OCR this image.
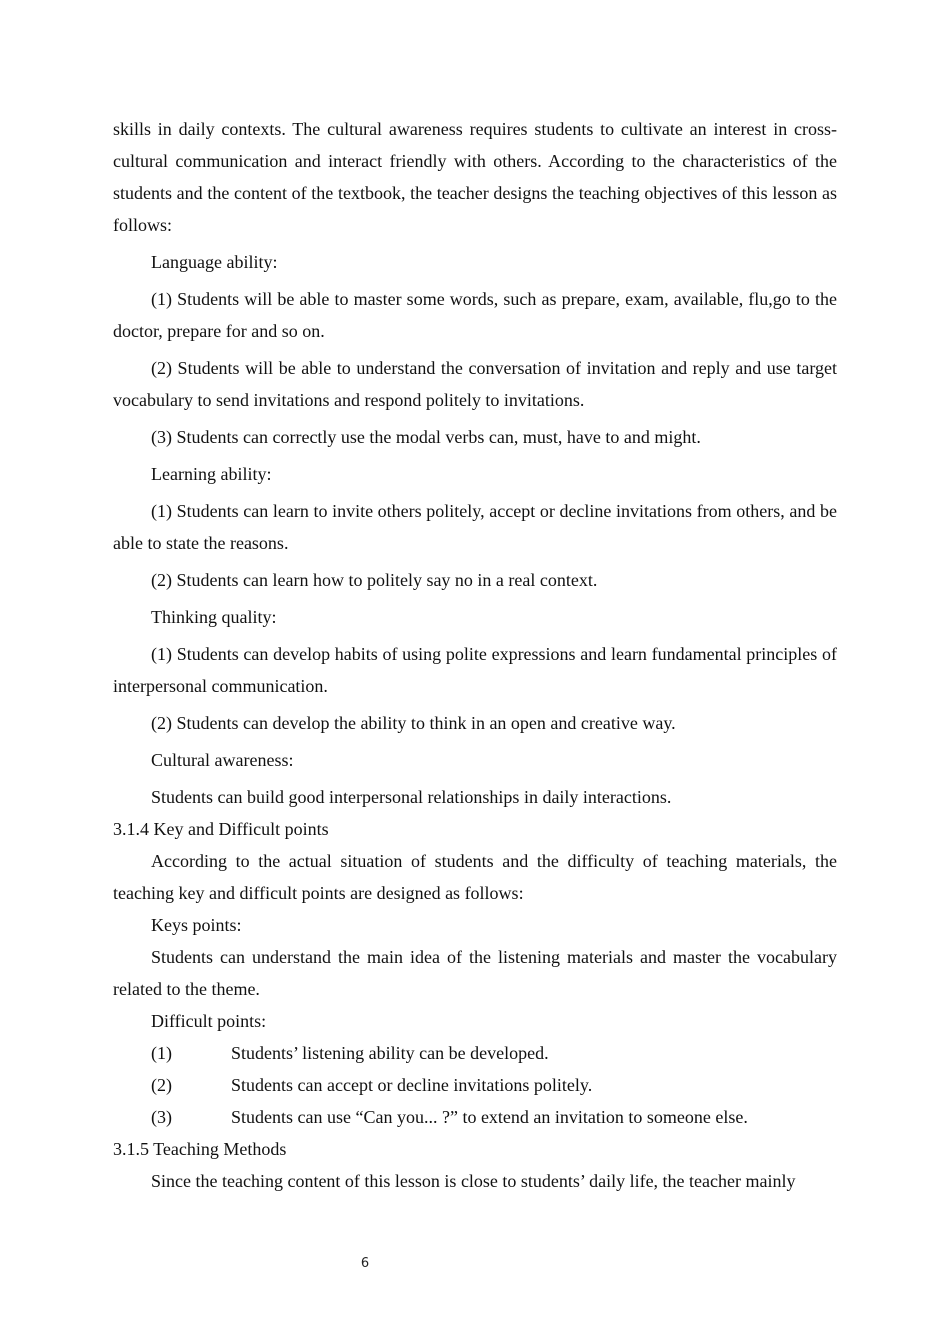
skills in daily contexts. The cultural awareness requires students to cultivate an interest in cross-cultural communication and interact friendly with others. According to the characteristics of the students and the content of the textbook, the teacher designs the teaching objectives of this lesson as follows:

Language ability:

(1) Students will be able to master some words, such as prepare, exam, available, flu,go to the doctor, prepare for and so on.

(2) Students will be able to understand the conversation of invitation and reply and use target vocabulary to send invitations and respond politely to invitations.

(3) Students can correctly use the modal verbs can, must, have to and might.

Learning ability:

(1) Students can learn to invite others politely, accept or decline invitations from others, and be able to state the reasons.

(2) Students can learn how to politely say no in a real context.

Thinking quality:

(1) Students can develop habits of using polite expressions and learn fundamental principles of interpersonal communication.

(2) Students can develop the ability to think in an open and creative way.

Cultural awareness:

Students can build good interpersonal relationships in daily interactions.

3.1.4 Key and Difficult points

According to the actual situation of students and the difficulty of teaching materials, the teaching key and difficult points are designed as follows:

Keys points:

Students can understand the main idea of the listening materials and master the vocabulary related to the theme.

Difficult points:

(1)	Students’ listening ability can be developed.
(2)	Students can accept or decline invitations politely.
(3)	Students can use “Can you... ?” to extend an invitation to someone else.

3.1.5 Teaching Methods

Since the teaching content of this lesson is close to students’ daily life, the teacher mainly

6
